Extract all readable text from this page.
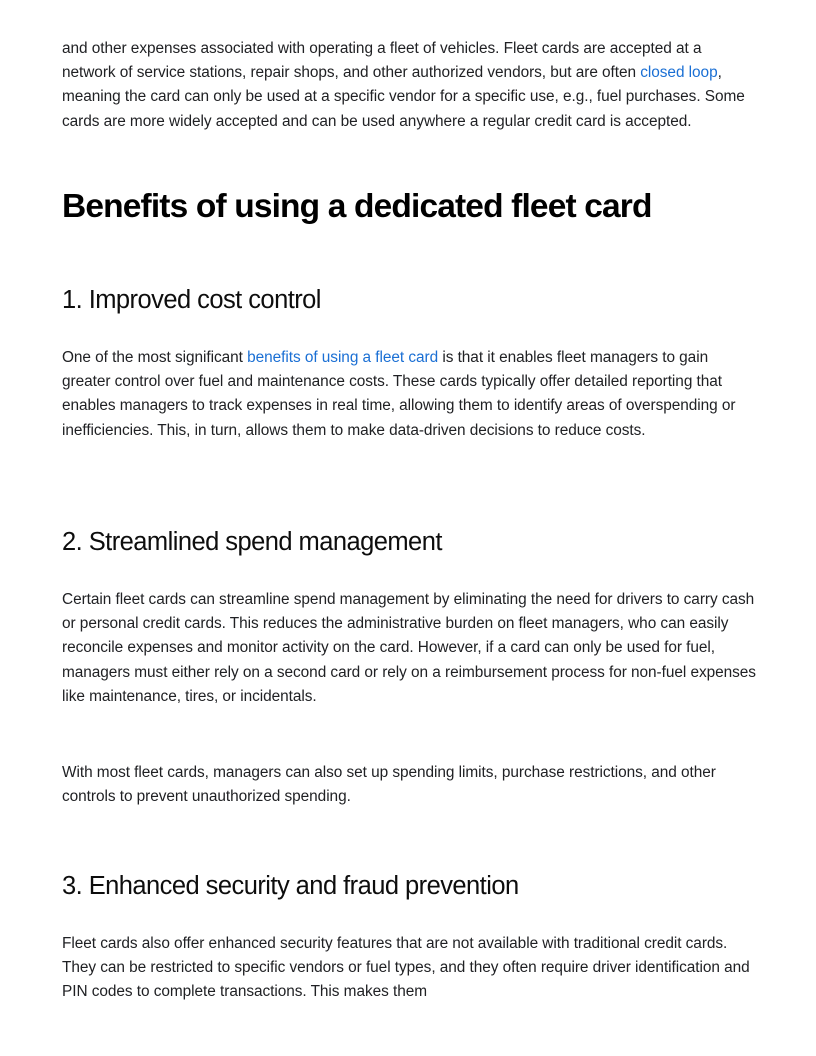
and other expenses associated with operating a fleet of vehicles. Fleet cards are accepted at a network of service stations, repair shops, and other authorized vendors, but are often closed loop, meaning the card can only be used at a specific vendor for a specific use, e.g., fuel purchases. Some cards are more widely accepted and can be used anywhere a regular credit card is accepted.

Benefits of using a dedicated fleet card
1. Improved cost control

One of the most significant benefits of using a fleet card is that it enables fleet managers to gain greater control over fuel and maintenance costs. These cards typically offer detailed reporting that enables managers to track expenses in real time, allowing them to identify areas of overspending or inefficiencies. This, in turn, allows them to make data-driven decisions to reduce costs.

2. Streamlined spend management

Certain fleet cards can streamline spend management by eliminating the need for drivers to carry cash or personal credit cards. This reduces the administrative burden on fleet managers, who can easily reconcile expenses and monitor activity on the card. However, if a card can only be used for fuel, managers must either rely on a second card or rely on a reimbursement process for non-fuel expenses like maintenance, tires, or incidentals.

With most fleet cards, managers can also set up spending limits, purchase restrictions, and other controls to prevent unauthorized spending.

3. Enhanced security and fraud prevention

Fleet cards also offer enhanced security features that are not available with traditional credit cards. They can be restricted to specific vendors or fuel types, and they often require driver identification and PIN codes to complete transactions. This makes them
